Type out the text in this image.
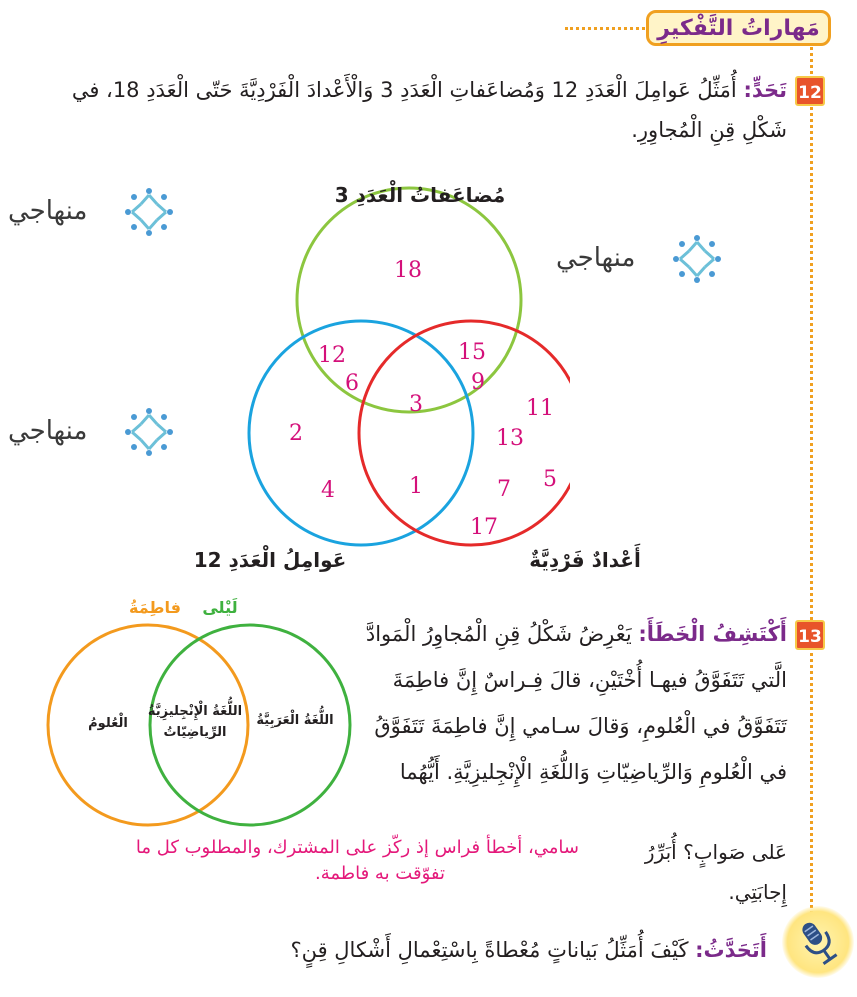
مَهاراتُ التَّفْكيرِ
12
تَحَدٍّ: أُمَثِّلُ عَوامِلَ الْعَدَدِ 12 وَمُضاعَفاتِ الْعَدَدِ 3 وَالْأَعْدادَ الْفَرْدِيَّةَ حَتّى الْعَدَدِ 18، في
شَكْلِ قِنِ الْمُجاوِرِ.
مُضاعَفاتُ الْعَدَدِ 3
عَوامِلُ الْعَدَدِ 12	أَعْدادٌ فَرْدِيَّةٌ
18
12
6
15
9
3
2
4	1
11
13
5
7
17
منهاجي
منهاجي
منهاجي
13
أَكْتَشِفُ الْخَطَأَ: يَعْرِضُ شَكْلُ قِنِ الْمُجاوِرُ الْمَوادَّ
الَّتي تَتَفَوَّقُ فيهـا أُخْتَيْنِ، قالَ فِـراسٌ إِنَّ فاطِمَةَ
تَتَفَوَّقُ في الْعُلومِ، وَقالَ سـامي إِنَّ فاطِمَةَ تَتَفَوَّقُ
في الْعُلومِ وَالرِّياضِيّاتِ وَاللُّغَةِ الْإِنْجِليزِيَّةِ. أَيُّهُما
عَلى صَوابٍ؟ أُبَرِّرُ إِجابَتِي.
سامي، أخطأ فراس إذ ركّز على المشترك، والمطلوب كل ما
تفوّقت به فاطمة.
فاطِمَةُ	لَيْلى
الْعُلومُ
اللُّغَةُ الْإِنْجِليزِيَّةُ
الرِّياضِيّاتُ
اللُّغَةُ الْعَرَبِيَّةُ
أَتَحَدَّثُ: كَيْفَ أُمَثِّلُ بَياناتٍ مُعْطاةً بِاسْتِعْمالِ أَشْكالِ قِنٍ؟
